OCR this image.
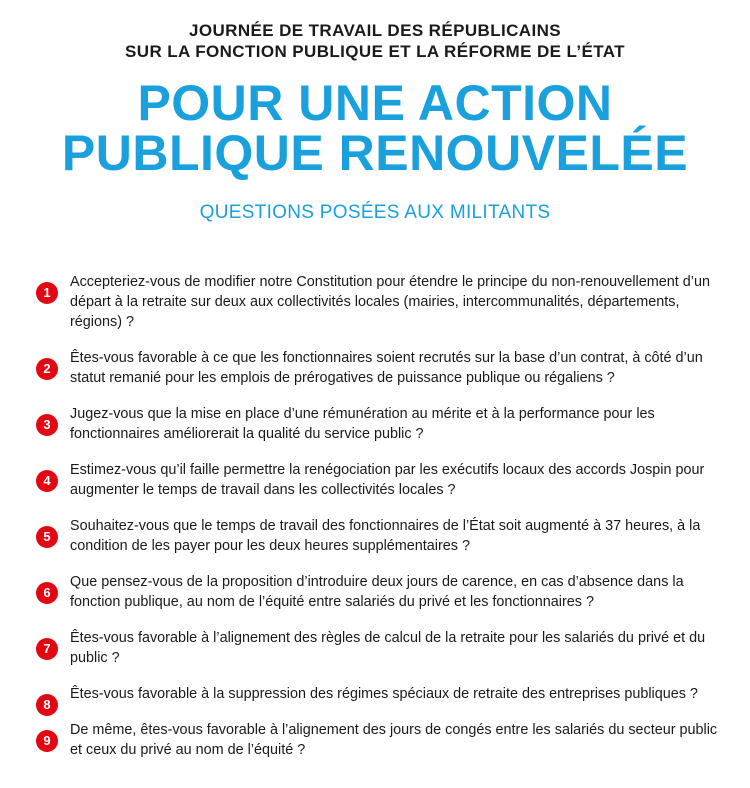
JOURNÉE DE TRAVAIL DES RÉPUBLICAINS
SUR LA FONCTION PUBLIQUE ET LA RÉFORME DE L’ÉTAT
POUR UNE ACTION
PUBLIQUE RENOUVELÉE
QUESTIONS POSÉES AUX MILITANTS
1
Accepteriez-vous de modifier notre Constitution pour étendre le principe du non-renouvellement d’un départ à la retraite sur deux aux collectivités locales (mairies, intercommunalités, départements, régions) ?
2
Êtes-vous favorable à ce que les fonctionnaires soient recrutés sur la base d’un contrat, à côté d’un statut remanié pour les emplois de prérogatives de puissance publique ou régaliens ?
3
Jugez-vous que la mise en place d’une rémunération au mérite et à la performance pour les fonctionnaires améliorerait la qualité du service public ?
4
Estimez-vous qu’il faille permettre la renégociation par les exécutifs locaux des accords Jospin pour augmenter le temps de travail dans les collectivités locales ?
5
Souhaitez-vous que le temps de travail des fonctionnaires de l’État soit augmenté à 37 heures, à la condition de les payer pour les deux heures supplémentaires ?
6
Que pensez-vous de la proposition d’introduire deux jours de carence, en cas d’absence dans la fonction publique, au nom de l’équité entre salariés du privé et les fonctionnaires ?
7
Êtes-vous favorable à l’alignement des règles de calcul de la retraite pour les salariés du privé et du public ?
8
Êtes-vous favorable à la suppression des régimes spéciaux de retraite des entreprises publiques ?
9
De même, êtes-vous favorable à l’alignement des jours de congés entre les salariés du secteur public et ceux du privé au nom de l’équité ?
